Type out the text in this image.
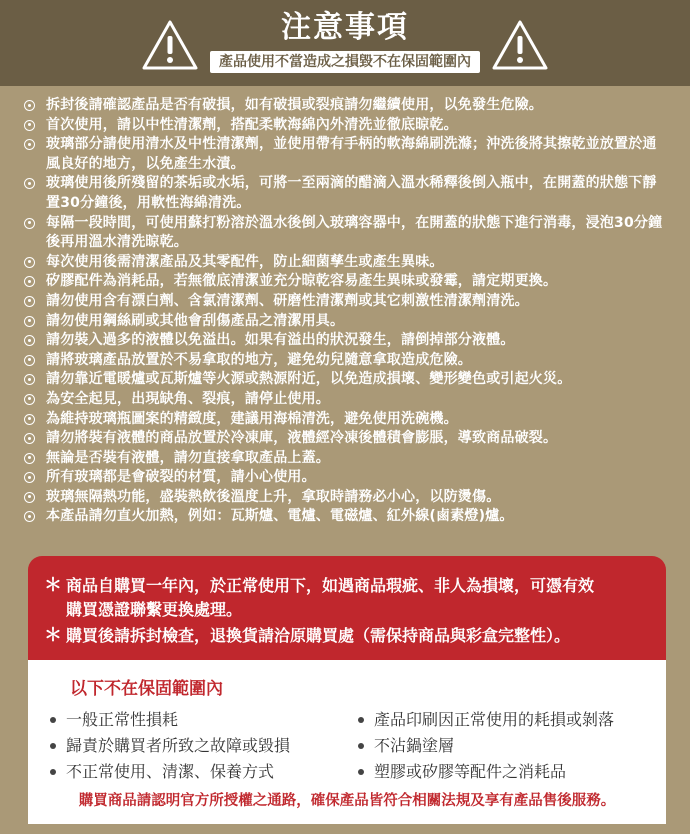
注意事項
產品使用不當造成之損毀不在保固範圍內
拆封後請確認產品是否有破損，如有破損或裂痕請勿繼續使用，以免發生危險。
首次使用，請以中性清潔劑，搭配柔軟海綿內外清洗並徹底晾乾。
玻璃部分請使用清水及中性清潔劑，並使用帶有手柄的軟海綿刷洗滌；沖洗後將其擦乾並放置於通風良好的地方，以免產生水漬。
玻璃使用後所殘留的茶垢或水垢，可將一至兩滴的醋滴入溫水稀釋後倒入瓶中，在開蓋的狀態下靜置30分鐘後，用軟性海綿清洗。
每隔一段時間，可使用蘇打粉溶於溫水後倒入玻璃容器中，在開蓋的狀態下進行消毒，浸泡30分鐘後再用溫水清洗晾乾。
每次使用後需清潔產品及其零配件，防止細菌孳生或產生異味。
矽膠配件為消耗品，若無徹底清潔並充分晾乾容易產生異味或發霉，請定期更換。
請勿使用含有漂白劑、含氯清潔劑、研磨性清潔劑或其它刺激性清潔劑清洗。
請勿使用鋼絲刷或其他會刮傷產品之清潔用具。
請勿裝入過多的液體以免溢出。如果有溢出的狀況發生，請倒掉部分液體。
請將玻璃產品放置於不易拿取的地方，避免幼兒隨意拿取造成危險。
請勿靠近電暖爐或瓦斯爐等火源或熱源附近，以免造成損壞、變形變色或引起火災。
為安全起見，出現缺角、裂痕，請停止使用。
為維持玻璃瓶圖案的精緻度，建議用海棉清洗，避免使用洗碗機。
請勿將裝有液體的商品放置於冷凍庫，液體經冷凍後體積會膨脹，導致商品破裂。
無論是否裝有液體，請勿直接拿取產品上蓋。
所有玻璃都是會破裂的材質，請小心使用。
玻璃無隔熱功能，盛裝熱飲後溫度上升，拿取時請務必小心，以防燙傷。
本產品請勿直火加熱，例如：瓦斯爐、電爐、電磁爐、紅外線(鹵素燈)爐。
＊ 商品自購買一年內，於正常使用下，如遇商品瑕疵、非人為損壞，可憑有效
購買憑證聯繫更換處理。
＊ 購買後請拆封檢查，退換貨請洽原購買處（需保持商品與彩盒完整性）。
以下不在保固範圍內
一般正常性損耗
歸責於購買者所致之故障或毀損
不正常使用、清潔、保養方式
產品印刷因正常使用的耗損或剝落
不沾鍋塗層
塑膠或矽膠等配件之消耗品
購買商品請認明官方所授權之通路，確保產品皆符合相關法規及享有產品售後服務。
